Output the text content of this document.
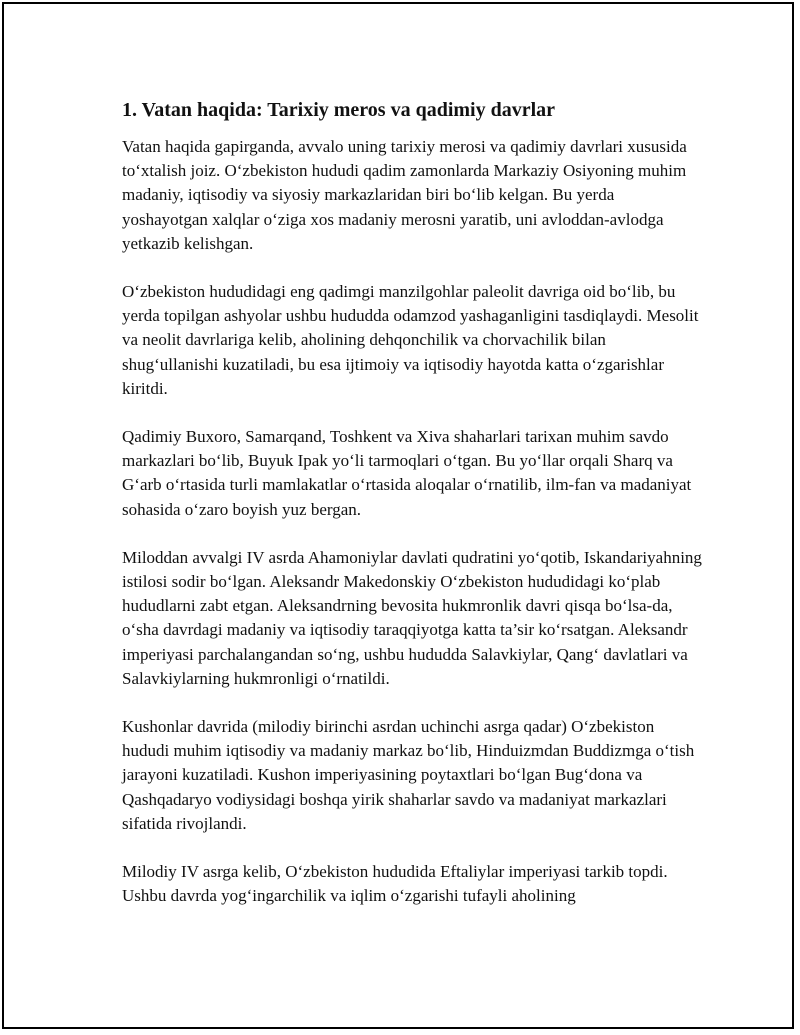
1. Vatan haqida: Tarixiy meros va qadimiy davrlar

Vatan haqida gapirganda, avvalo uning tarixiy merosi va qadimiy davrlari xususida to‘xtalish joiz. O‘zbekiston hududi qadim zamonlarda Markaziy Osiyoning muhim madaniy, iqtisodiy va siyosiy markazlaridan biri bo‘lib kelgan. Bu yerda yoshayotgan xalqlar o‘ziga xos madaniy merosni yaratib, uni avloddan-avlodga yetkazib kelishgan.

O‘zbekiston hududidagi eng qadimgi manzilgohlar paleolit davriga oid bo‘lib, bu yerda topilgan ashyolar ushbu hududda odamzod yashaganligini tasdiqlaydi. Mesolit va neolit davrlariga kelib, aholining dehqonchilik va chorvachilik bilan shug‘ullanishi kuzatiladi, bu esa ijtimoiy va iqtisodiy hayotda katta o‘zgarishlar kiritdi.

Qadimiy Buxoro, Samarqand, Toshkent va Xiva shaharlari tarixan muhim savdo markazlari bo‘lib, Buyuk Ipak yo‘li tarmoqlari o‘tgan. Bu yo‘llar orqali Sharq va G‘arb o‘rtasida turli mamlakatlar o‘rtasida aloqalar o‘rnatilib, ilm-fan va madaniyat sohasida o‘zaro boyish yuz bergan.

Miloddan avvalgi IV asrda Ahamoniylar davlati qudratini yo‘qotib, Iskandariyahning istilosi sodir bo‘lgan. Aleksandr Makedonskiy O‘zbekiston hududidagi ko‘plab hududlarni zabt etgan. Aleksandrning bevosita hukmronlik davri qisqa bo‘lsa-da, o‘sha davrdagi madaniy va iqtisodiy taraqqiyotga katta ta’sir ko‘rsatgan. Aleksandr imperiyasi parchalangandan so‘ng, ushbu hududda Salavkiylar, Qang‘ davlatlari va Salavkiylarning hukmronligi o‘rnatildi.

Kushonlar davrida (milodiy birinchi asrdan uchinchi asrga qadar) O‘zbekiston hududi muhim iqtisodiy va madaniy markaz bo‘lib, Hinduizmdan Buddizmga o‘tish jarayoni kuzatiladi. Kushon imperiyasining poytaxtlari bo‘lgan Bug‘dona va Qashqadaryo vodiysidagi boshqa yirik shaharlar savdo va madaniyat markazlari sifatida rivojlandi.

Milodiy IV asrga kelib, O‘zbekiston hududida Eftaliylar imperiyasi tarkib topdi. Ushbu davrda yog‘ingarchilik va iqlim o‘zgarishi tufayli aholining
